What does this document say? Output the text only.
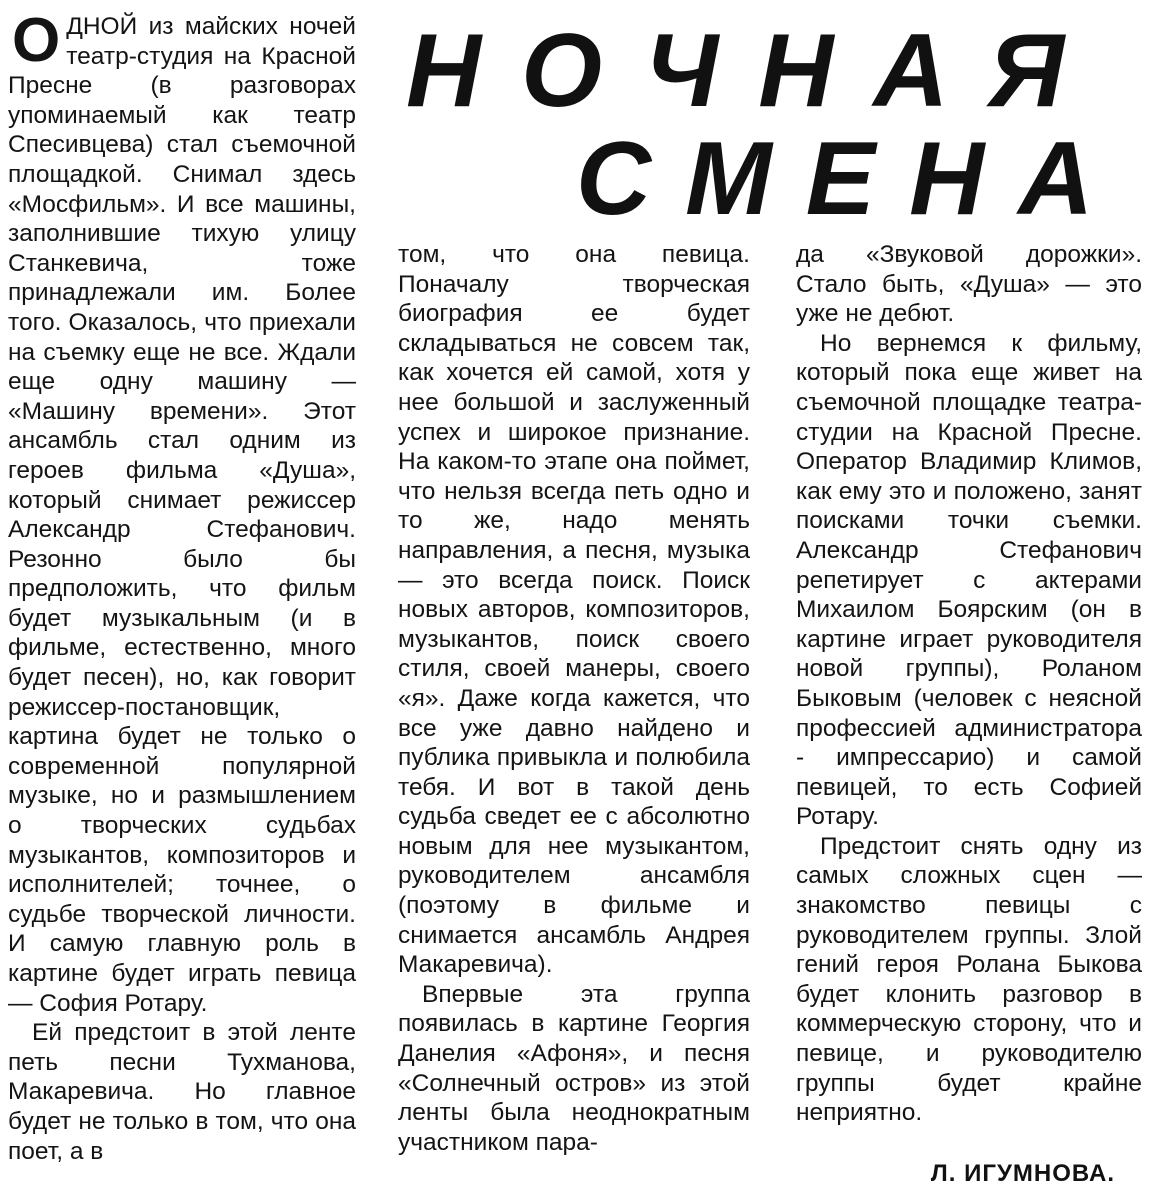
НОЧНАЯ
СМЕНА

ОДНОЙ из майских ночей театр-студия на Красной Пресне (в разговорах упоминаемый как театр Спесивцева) стал съемочной площадкой. Снимал здесь «Мосфильм». И все машины, заполнившие тихую улицу Станкевича, тоже принадлежали им. Более того. Оказалось, что приехали на съемку еще не все. Ждали еще одну машину — «Машину времени». Этот ансамбль стал одним из героев фильма «Душа», который снимает режиссер Александр Стефанович. Резонно было бы предположить, что фильм будет музыкальным (и в фильме, естественно, много будет песен), но, как говорит режиссер-постановщик, картина будет не только о современной популярной музыке, но и размышлением о творческих судьбах музыкантов, композиторов и исполнителей; точнее, о судьбе творческой личности. И самую главную роль в картине будет играть певица — София Ротару.

Ей предстоит в этой ленте петь песни Тухманова, Макаревича. Но главное будет не только в том, что она поет, а в

том, что она певица. Поначалу творческая биография ее будет складываться не совсем так, как хочется ей самой, хотя у нее большой и заслуженный успех и широкое признание. На каком-то этапе она поймет, что нельзя всегда петь одно и то же, надо менять направления, а песня, музыка — это всегда поиск. Поиск новых авторов, композиторов, музыкантов, поиск своего стиля, своей манеры, своего «я». Даже когда кажется, что все уже давно найдено и публика привыкла и полюбила тебя. И вот в такой день судьба сведет ее с абсолютно новым для нее музыкантом, руководителем ансамбля (поэтому в фильме и снимается ансамбль Андрея Макаревича).

Впервые эта группа появилась в картине Георгия Данелия «Афоня», и песня «Солнечный остров» из этой ленты была неоднократным участником пара-

да «Звуковой дорожки». Стало быть, «Душа» — это уже не дебют.

Но вернемся к фильму, который пока еще живет на съемочной площадке театра-студии на Красной Пресне. Оператор Владимир Климов, как ему это и положено, занят поисками точки съемки. Александр Стефанович репетирует с актерами Михаилом Боярским (он в картине играет руководителя новой группы), Роланом Быковым (человек с неясной профессией администратора - импрессарио) и самой певицей, то есть Софией Ротару.

Предстоит снять одну из самых сложных сцен — знакомство певицы с руководителем группы. Злой гений героя Ролана Быкова будет клонить разговор в коммерческую сторону, что и певице, и руководителю группы будет крайне неприятно.

Л. ИГУМНОВА.
